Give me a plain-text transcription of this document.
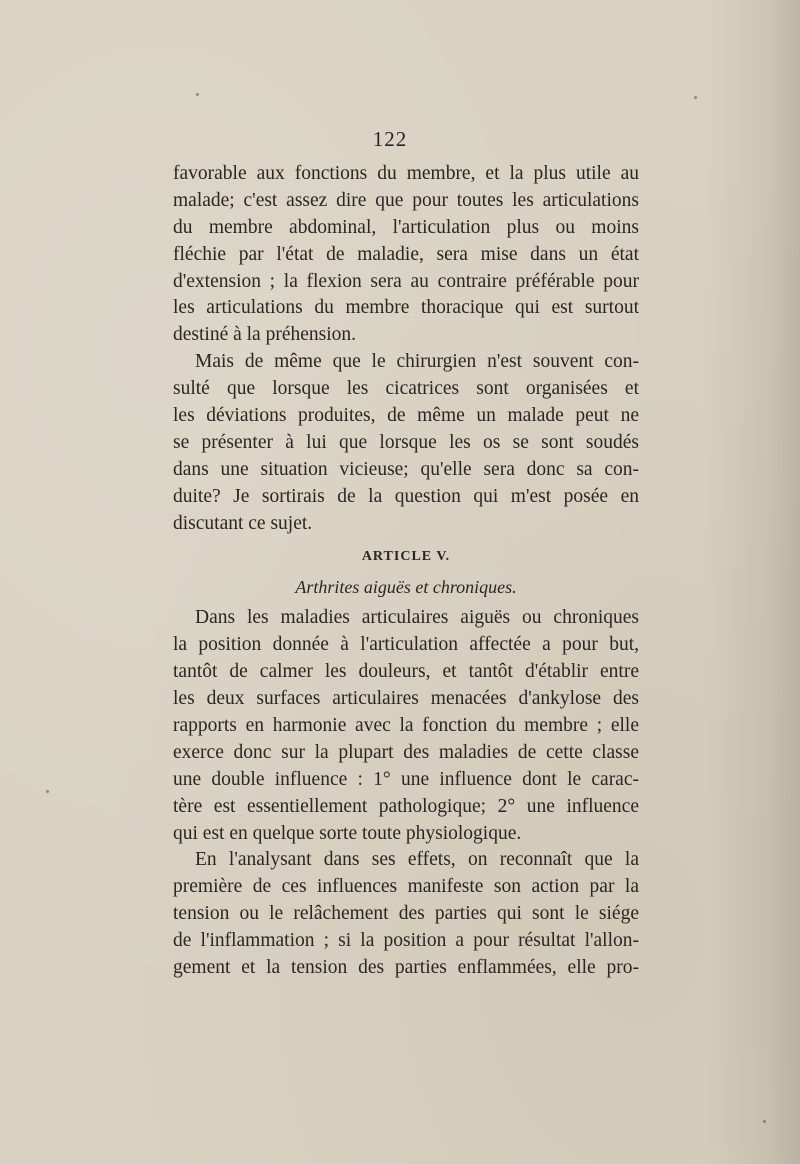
122
favorable aux fonctions du membre, et la plus utile au
malade; c'est assez dire que pour toutes les articulations
du membre abdominal, l'articulation plus ou moins
fléchie par l'état de maladie, sera mise dans un état
d'extension ; la flexion sera au contraire préférable pour
les articulations du membre thoracique qui est surtout
destiné à la préhension.
Mais de même que le chirurgien n'est souvent con-
sulté que lorsque les cicatrices sont organisées et
les déviations produites, de même un malade peut ne
se présenter à lui que lorsque les os se sont soudés
dans une situation vicieuse; qu'elle sera donc sa con-
duite? Je sortirais de la question qui m'est posée en
discutant ce sujet.
ARTICLE V.
Arthrites aiguës et chroniques.
Dans les maladies articulaires aiguës ou chroniques
la position donnée à l'articulation affectée a pour but,
tantôt de calmer les douleurs, et tantôt d'établir entre
les deux surfaces articulaires menacées d'ankylose des
rapports en harmonie avec la fonction du membre ; elle
exerce donc sur la plupart des maladies de cette classe
une double influence : 1° une influence dont le carac-
tère est essentiellement pathologique; 2° une influence
qui est en quelque sorte toute physiologique.
En l'analysant dans ses effets, on reconnaît que la
première de ces influences manifeste son action par la
tension ou le relâchement des parties qui sont le siége
de l'inflammation ; si la position a pour résultat l'allon-
gement et la tension des parties enflammées, elle pro-
